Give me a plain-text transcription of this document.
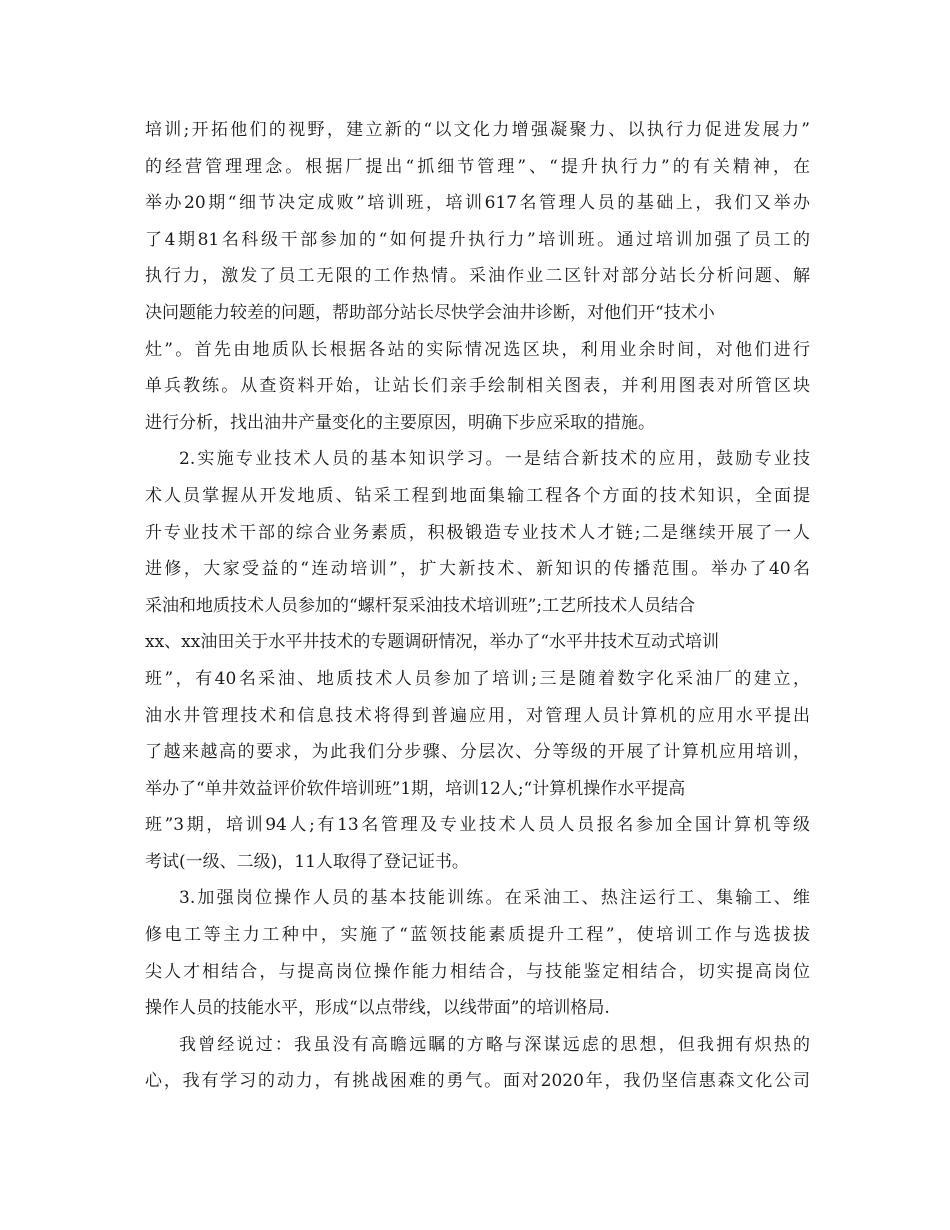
培训;开拓他们的视野，建立新的“以文化力增强凝聚力、以执行力促进发展力”
的经营管理理念。根据厂提出“抓细节管理”、“提升执行力”的有关精神，在
举办20期“细节决定成败”培训班，培训617名管理人员的基础上，我们又举办
了4期81名科级干部参加的“如何提升执行力”培训班。通过培训加强了员工的
执行力，激发了员工无限的工作热情。采油作业二区针对部分站长分析问题、解
决问题能力较差的问题，帮助部分站长尽快学会油井诊断，对他们开“技术小
灶”。首先由地质队长根据各站的实际情况选区块，利用业余时间，对他们进行
单兵教练。从查资料开始，让站长们亲手绘制相关图表，并利用图表对所管区块
进行分析，找出油井产量变化的主要原因，明确下步应采取的措施。
2.实施专业技术人员的基本知识学习。一是结合新技术的应用，鼓励专业技
术人员掌握从开发地质、钻采工程到地面集输工程各个方面的技术知识，全面提
升专业技术干部的综合业务素质，积极锻造专业技术人才链;二是继续开展了一人
进修，大家受益的“连动培训”，扩大新技术、新知识的传播范围。举办了40名
采油和地质技术人员参加的“螺杆泵采油技术培训班”;工艺所技术人员结合
xx、xx油田关于水平井技术的专题调研情况，举办了“水平井技术互动式培训
班”，有40名采油、地质技术人员参加了培训;三是随着数字化采油厂的建立，
油水井管理技术和信息技术将得到普遍应用，对管理人员计算机的应用水平提出
了越来越高的要求，为此我们分步骤、分层次、分等级的开展了计算机应用培训，
举办了“单井效益评价软件培训班”1期，培训12人;“计算机操作水平提高
班”3期，培训94人;有13名管理及专业技术人员人员报名参加全国计算机等级
考试(一级、二级)，11人取得了登记证书。
3.加强岗位操作人员的基本技能训练。在采油工、热注运行工、集输工、维
修电工等主力工种中，实施了“蓝领技能素质提升工程”，使培训工作与选拔拔
尖人才相结合，与提高岗位操作能力相结合，与技能鉴定相结合，切实提高岗位
操作人员的技能水平，形成“以点带线，以线带面”的培训格局.
我曾经说过：我虽没有高瞻远瞩的方略与深谋远虑的思想，但我拥有炽热的
心，我有学习的动力，有挑战困难的勇气。面对2020年，我仍坚信惠森文化公司
